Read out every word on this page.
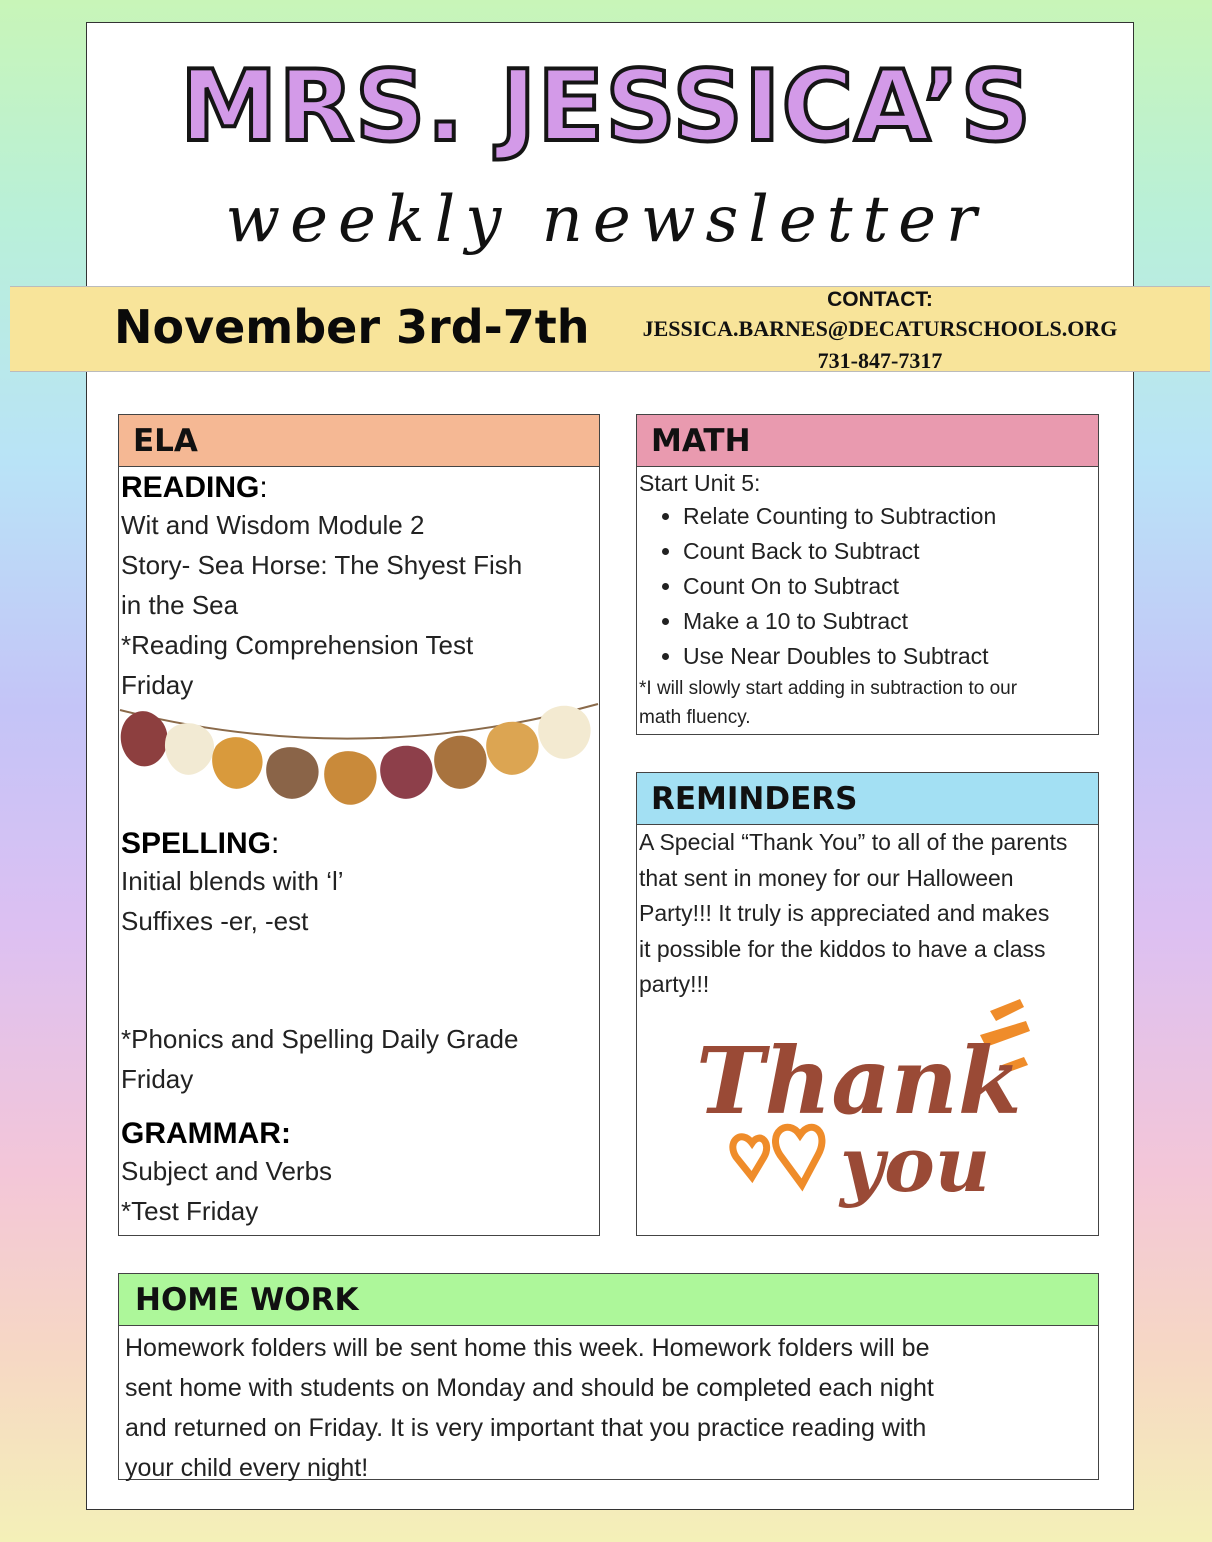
MRS. JESSICA’S
weekly newsletter
November 3rd-7th
CONTACT:
JESSICA.BARNES@DECATURSCHOOLS.ORG
731-847-7317
ELA
READING:
Wit and Wisdom Module 2
Story- Sea Horse: The Shyest Fish
in the Sea
*Reading Comprehension Test
Friday
SPELLING:
Initial blends with ‘l’
Suffixes -er, -est
*Phonics and Spelling Daily Grade
Friday
GRAMMAR:
Subject and Verbs
*Test Friday
MATH
Start Unit 5:
• Relate Counting to Subtraction
• Count Back to Subtract
• Count On to Subtract
• Make a 10 to Subtract
• Use Near Doubles to Subtract
*I will slowly start adding in subtraction to our
math fluency.
REMINDERS
A Special “Thank You” to all of the parents
that sent in money for our Halloween
Party!!! It truly is appreciated and makes
it possible for the kiddos to have a class
party!!!
Thank
you
HOME WORK
Homework folders will be sent home this week. Homework folders will be
sent home with students on Monday and should be completed each night
and returned on Friday. It is very important that you practice reading with
your child every night!
